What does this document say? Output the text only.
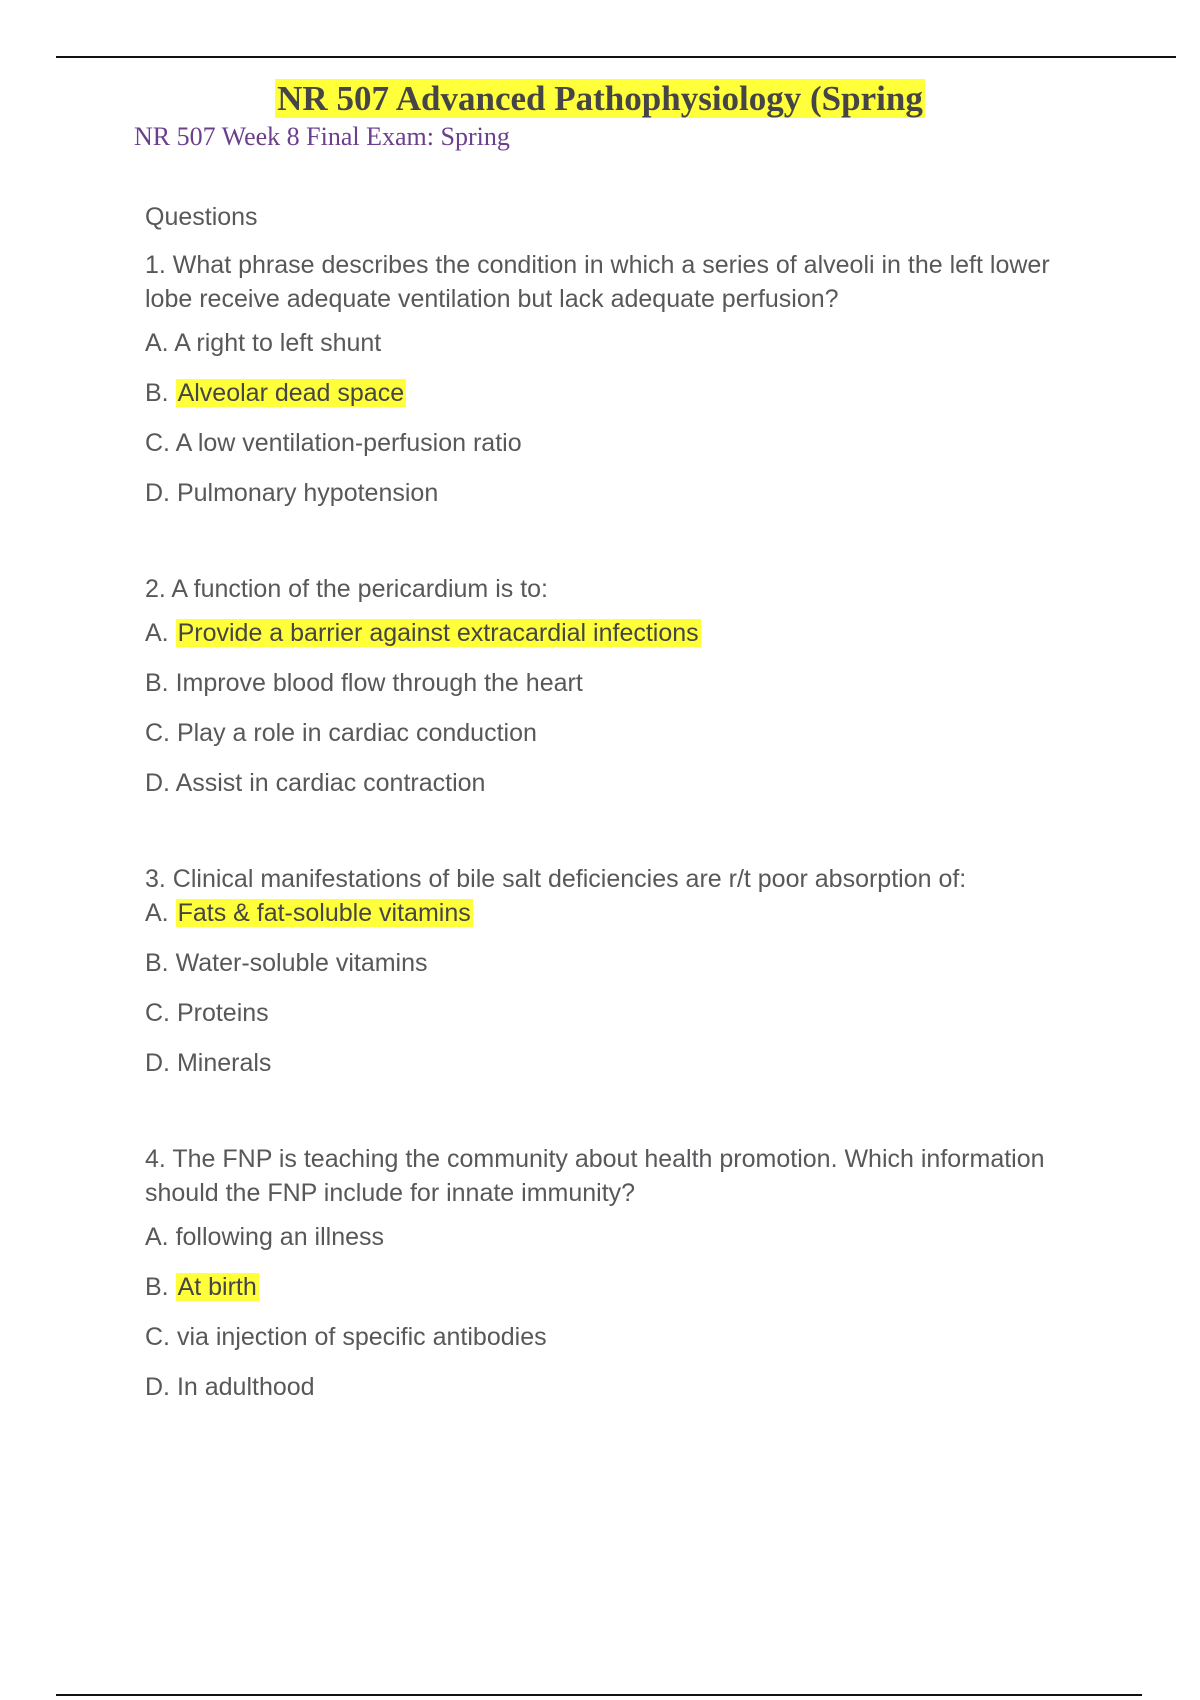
NR 507 Advanced Pathophysiology (Spring

NR 507 Week 8 Final Exam: Spring

Questions

1. What phrase describes the condition in which a series of alveoli in the left lower lobe receive adequate ventilation but lack adequate perfusion?

A. A right to left shunt

B. Alveolar dead space

C. A low ventilation-perfusion ratio

D. Pulmonary hypotension

2. A function of the pericardium is to:

A. Provide a barrier against extracardial infections

B. Improve blood flow through the heart

C. Play a role in cardiac conduction

D. Assist in cardiac contraction

3. Clinical manifestations of bile salt deficiencies are r/t poor absorption of:

A. Fats & fat-soluble vitamins

B. Water-soluble vitamins

C. Proteins

D. Minerals

4. The FNP is teaching the community about health promotion. Which information should the FNP include for innate immunity?

A. following an illness

B. At birth

C. via injection of specific antibodies

D. In adulthood
